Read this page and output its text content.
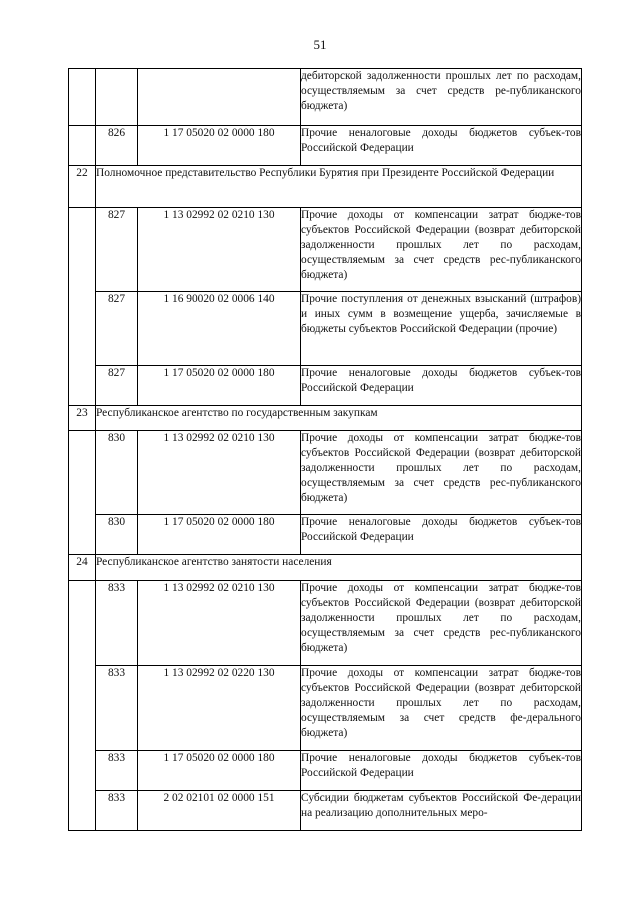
51
			дебиторской задолженности прошлых лет по расходам, осуществляемым за счет средств ре-публиканского бюджета)
	826	1 17 05020 02 0000 180	Прочие неналоговые доходы бюджетов субъек-тов Российской Федерации
22	Полномочное представительство Республики Бурятия при Президенте Российской Федерации		
	827	1 13 02992 02 0210 130	Прочие доходы от компенсации затрат бюдже-тов субъектов Российской Федерации (возврат дебиторской задолженности прошлых лет по расходам, осуществляемым за счет средств рес-публиканского бюджета)
	827	1 16 90020 02 0006 140	Прочие поступления от денежных взысканий (штрафов) и иных сумм в возмещение ущерба, зачисляемые в бюджеты субъектов Российской Федерации (прочие)
	827	1 17 05020 02 0000 180	Прочие неналоговые доходы бюджетов субъек-тов Российской Федерации
23	Республиканское агентство по государственным закупкам		
	830	1 13 02992 02 0210 130	Прочие доходы от компенсации затрат бюдже-тов субъектов Российской Федерации (возврат дебиторской задолженности прошлых лет по расходам, осуществляемым за счет средств рес-публиканского бюджета)
	830	1 17 05020 02 0000 180	Прочие неналоговые доходы бюджетов субъек-тов Российской Федерации
24	Республиканское агентство занятости населения		
	833	1 13 02992 02 0210 130	Прочие доходы от компенсации затрат бюдже-тов субъектов Российской Федерации (возврат дебиторской задолженности прошлых лет по расходам, осуществляемым за счет средств рес-публиканского бюджета)
	833	1 13 02992 02 0220 130	Прочие доходы от компенсации затрат бюдже-тов субъектов Российской Федерации (возврат дебиторской задолженности прошлых лет по расходам, осуществляемым за счет средств фе-дерального бюджета)
	833	1 17 05020 02 0000 180	Прочие неналоговые доходы бюджетов субъек-тов Российской Федерации
	833	2 02 02101 02 0000 151	Субсидии бюджетам субъектов Российской Фе-дерации на реализацию дополнительных меро-
